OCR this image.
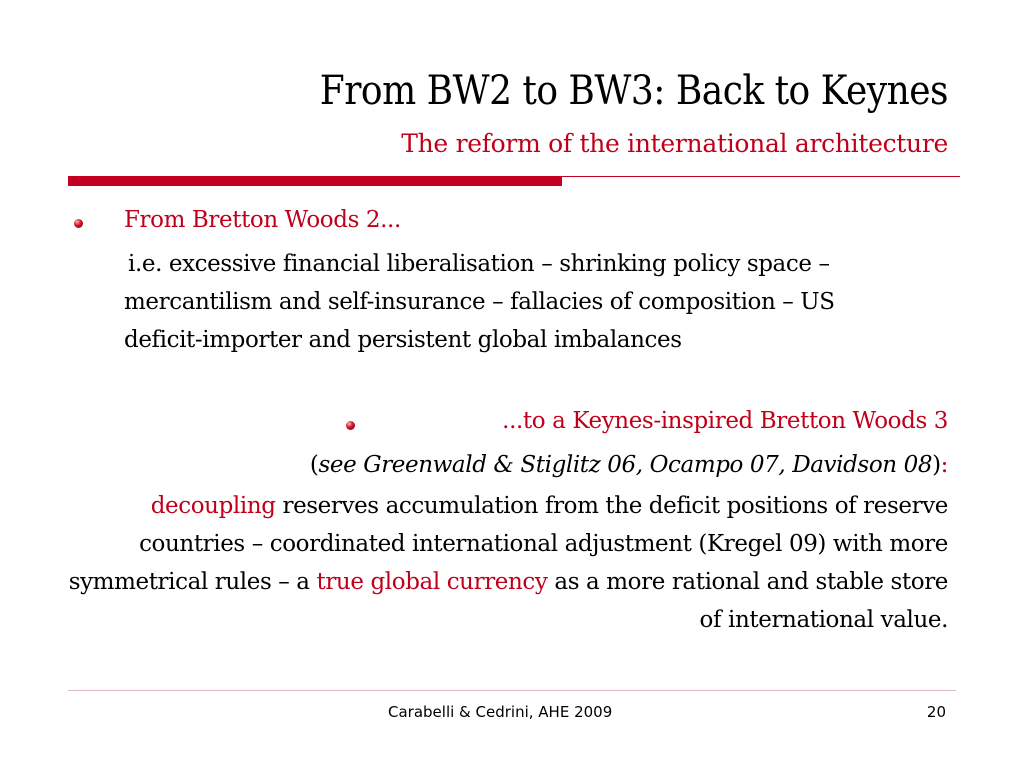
From BW2 to BW3: Back to Keynes
The reform of the international architecture
From Bretton Woods 2...
i.e. excessive financial liberalisation – shrinking policy space – mercantilism and self-insurance – fallacies of composition – US deficit-importer and persistent global imbalances
...to a Keynes-inspired Bretton Woods 3
(see Greenwald & Stiglitz 06, Ocampo 07, Davidson 08):
decoupling reserves accumulation from the deficit positions of reserve countries – coordinated international adjustment (Kregel 09) with more symmetrical rules – a true global currency as a more rational and stable store of international value.
Carabelli & Cedrini, AHE 2009	20
